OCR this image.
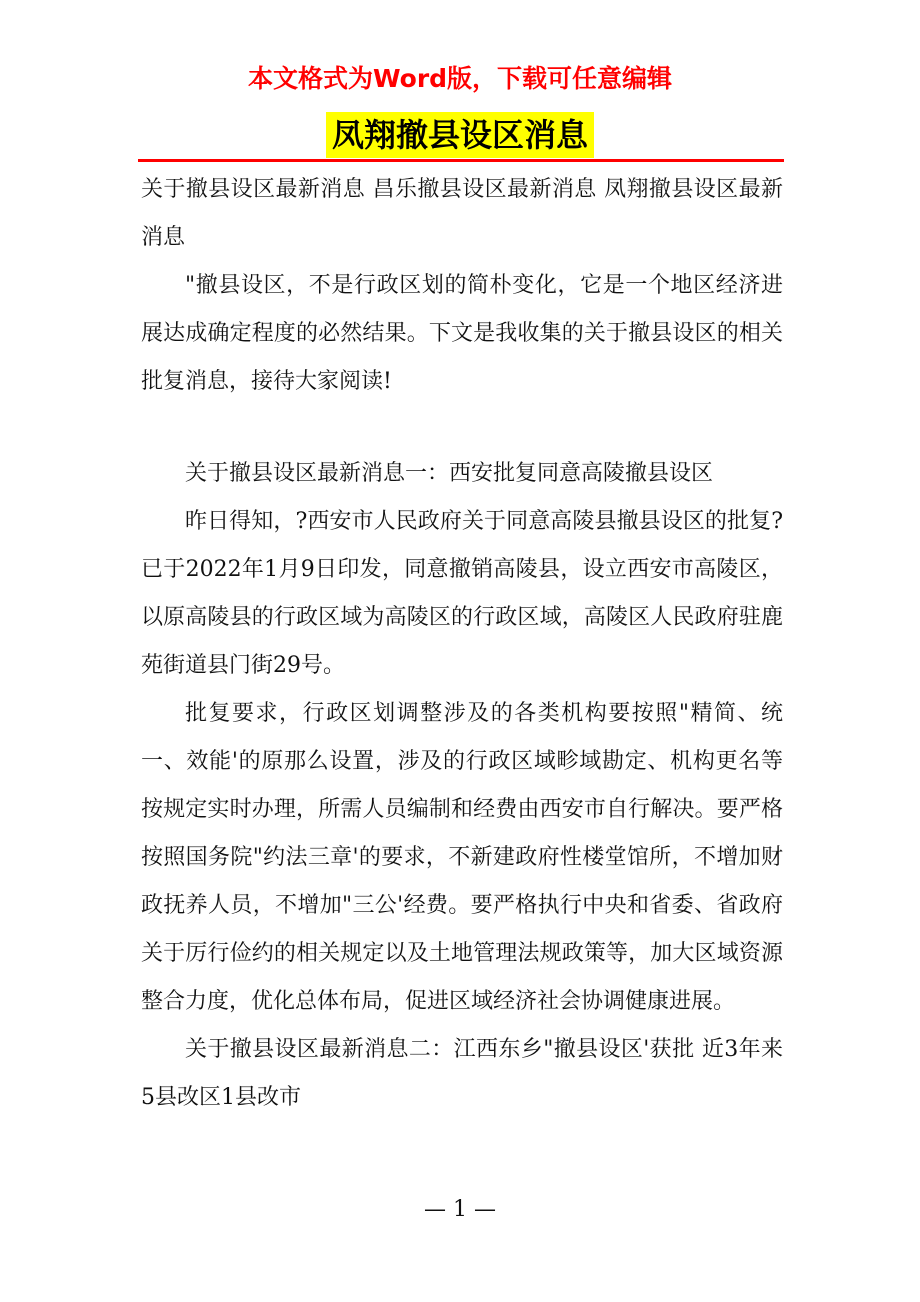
本文格式为Word版，下载可任意编辑
凤翔撤县设区消息

关于撤县设区最新消息 昌乐撤县设区最新消息 凤翔撤县设区最新消息

"撤县设区，不是行政区划的简朴变化，它是一个地区经济进展达成确定程度的必然结果。下文是我收集的关于撤县设区的相关批复消息，接待大家阅读!

关于撤县设区最新消息一：西安批复同意高陵撤县设区

昨日得知，?西安市人民政府关于同意高陵县撤县设区的批复?已于2022年1月9日印发，同意撤销高陵县，设立西安市高陵区，以原高陵县的行政区域为高陵区的行政区域，高陵区人民政府驻鹿苑街道县门街29号。

批复要求，行政区划调整涉及的各类机构要按照"精简、统一、效能'的原那么设置，涉及的行政区域畛域勘定、机构更名等按规定实时办理，所需人员编制和经费由西安市自行解决。要严格按照国务院"约法三章'的要求，不新建政府性楼堂馆所，不增加财政抚养人员，不增加"三公'经费。要严格执行中央和省委、省政府关于厉行俭约的相关规定以及土地管理法规政策等，加大区域资源整合力度，优化总体布局，促进区域经济社会协调健康进展。

关于撤县设区最新消息二：江西东乡"撤县设区'获批 近3年来5县改区1县改市

— 1 —
